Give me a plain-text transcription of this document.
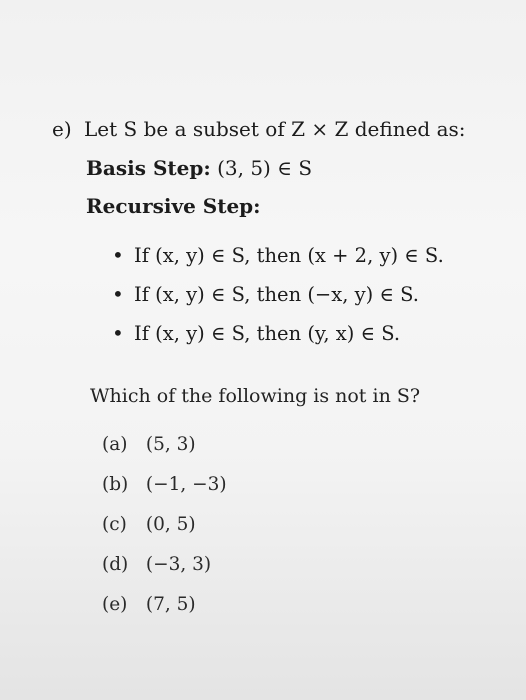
e) Let S be a subset of Z × Z defined as:
Basis Step: (3, 5) ∈ S
Recursive Step:
• If (x, y) ∈ S, then (x + 2, y) ∈ S.
• If (x, y) ∈ S, then (−x, y) ∈ S.
• If (x, y) ∈ S, then (y, x) ∈ S.
Which of the following is not in S?
(a) (5, 3)
(b) (−1, −3)
(c) (0, 5)
(d) (−3, 3)
(e) (7, 5)
